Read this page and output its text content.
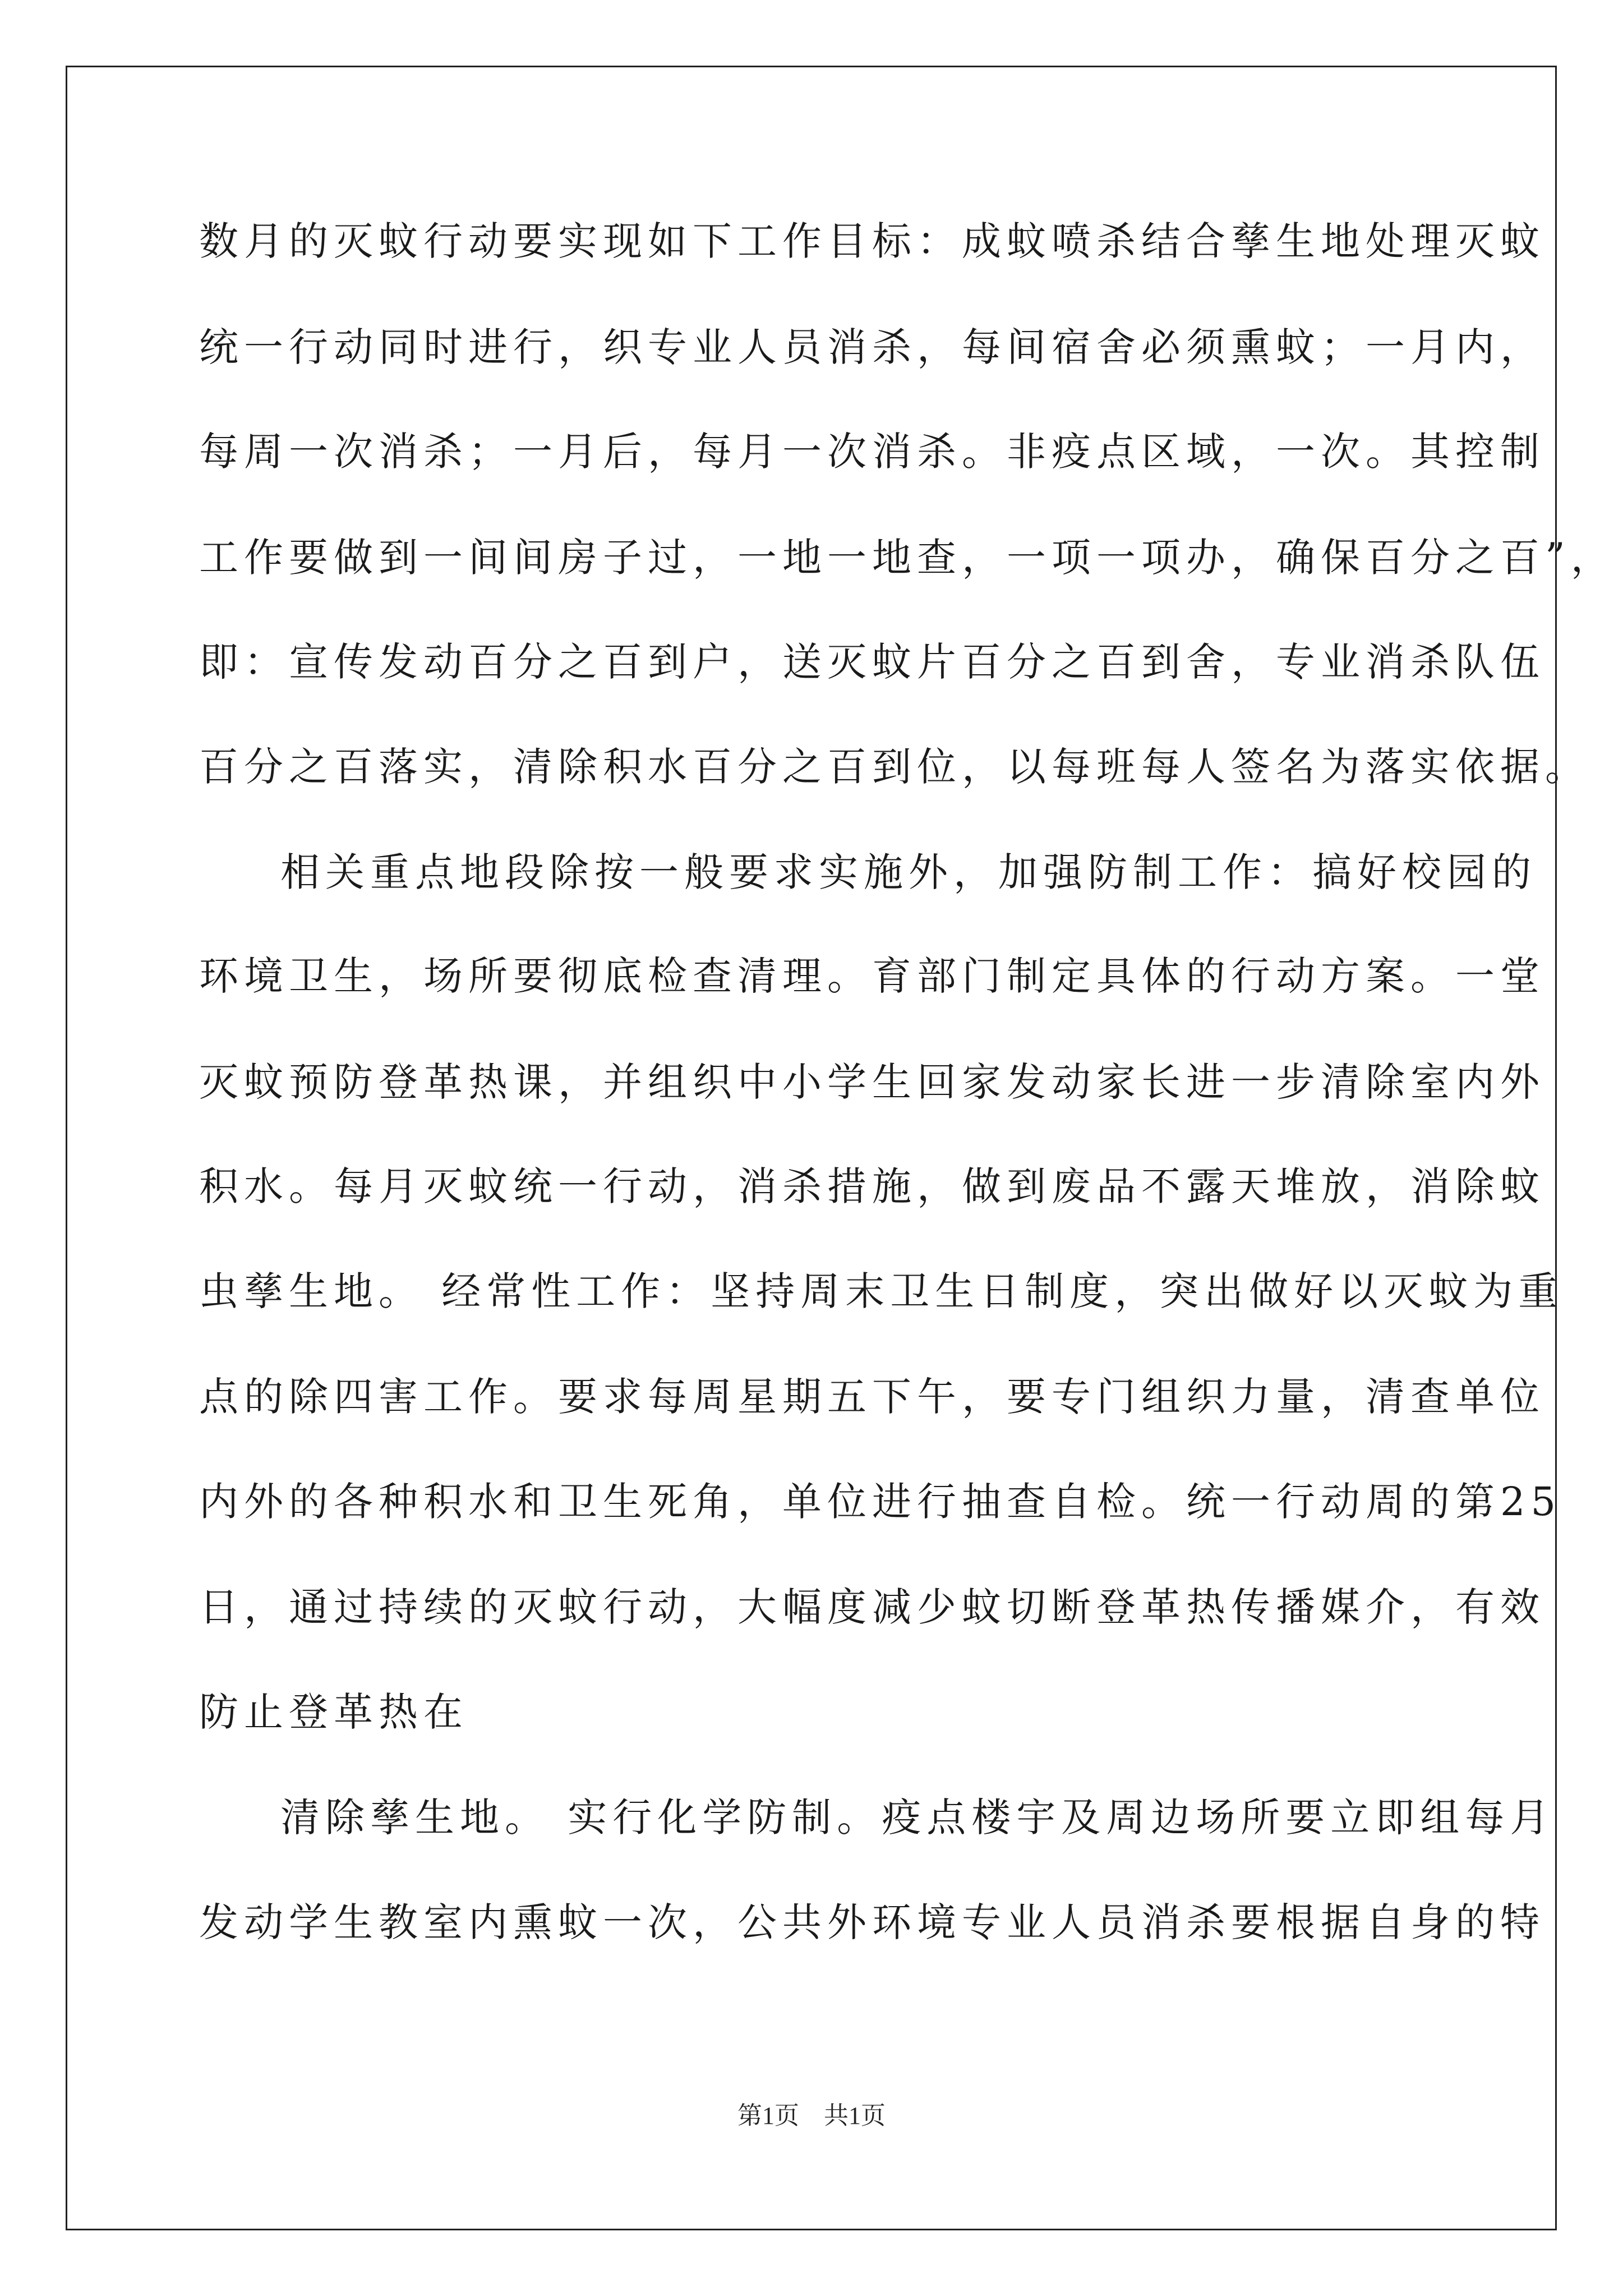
数月的灭蚊行动要实现如下工作目标：成蚊喷杀结合孳生地处理灭蚊
统一行动同时进行，织专业人员消杀，每间宿舍必须熏蚊；一月内，
每周一次消杀；一月后，每月一次消杀。非疫点区域，一次。其控制
工作要做到一间间房子过，一地一地查，一项一项办，确保百分之百”，
即：宣传发动百分之百到户，送灭蚊片百分之百到舍，专业消杀队伍
百分之百落实，清除积水百分之百到位，以每班每人签名为落实依据。
相关重点地段除按一般要求实施外，加强防制工作：搞好校园的
环境卫生，场所要彻底检查清理。育部门制定具体的行动方案。一堂
灭蚊预防登革热课，并组织中小学生回家发动家长进一步清除室内外
积水。每月灭蚊统一行动，消杀措施，做到废品不露天堆放，消除蚊
虫孳生地。 经常性工作：坚持周末卫生日制度，突出做好以灭蚊为重
点的除四害工作。要求每周星期五下午，要专门组织力量，清查单位
内外的各种积水和卫生死角，单位进行抽查自检。统一行动周的第25
日，通过持续的灭蚊行动，大幅度减少蚊切断登革热传播媒介，有效
防止登革热在
清除孳生地。 实行化学防制。疫点楼宇及周边场所要立即组每月
发动学生教室内熏蚊一次，公共外环境专业人员消杀要根据自身的特
第1页　共1页
